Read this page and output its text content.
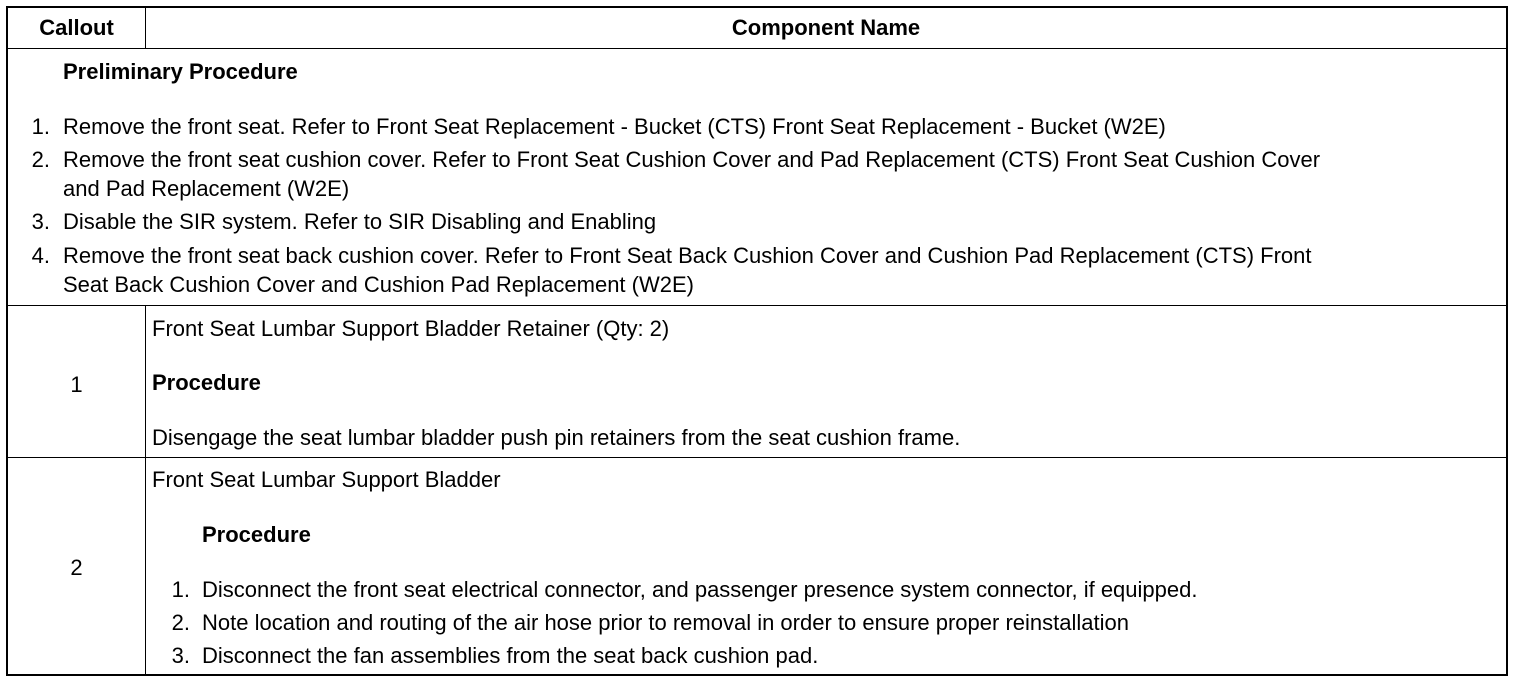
Callout	Component Name
Preliminary Procedure
1. Remove the front seat. Refer to Front Seat Replacement - Bucket (CTS) Front Seat Replacement - Bucket (W2E)
2. Remove the front seat cushion cover. Refer to Front Seat Cushion Cover and Pad Replacement (CTS) Front Seat Cushion Cover
and Pad Replacement (W2E)
3. Disable the SIR system. Refer to SIR Disabling and Enabling
4. Remove the front seat back cushion cover. Refer to Front Seat Back Cushion Cover and Cushion Pad Replacement (CTS) Front
Seat Back Cushion Cover and Cushion Pad Replacement (W2E)
1
Front Seat Lumbar Support Bladder Retainer (Qty: 2)
Procedure
Disengage the seat lumbar bladder push pin retainers from the seat cushion frame.
2
Front Seat Lumbar Support Bladder
Procedure
1. Disconnect the front seat electrical connector, and passenger presence system connector, if equipped.
2. Note location and routing of the air hose prior to removal in order to ensure proper reinstallation
3. Disconnect the fan assemblies from the seat back cushion pad.
